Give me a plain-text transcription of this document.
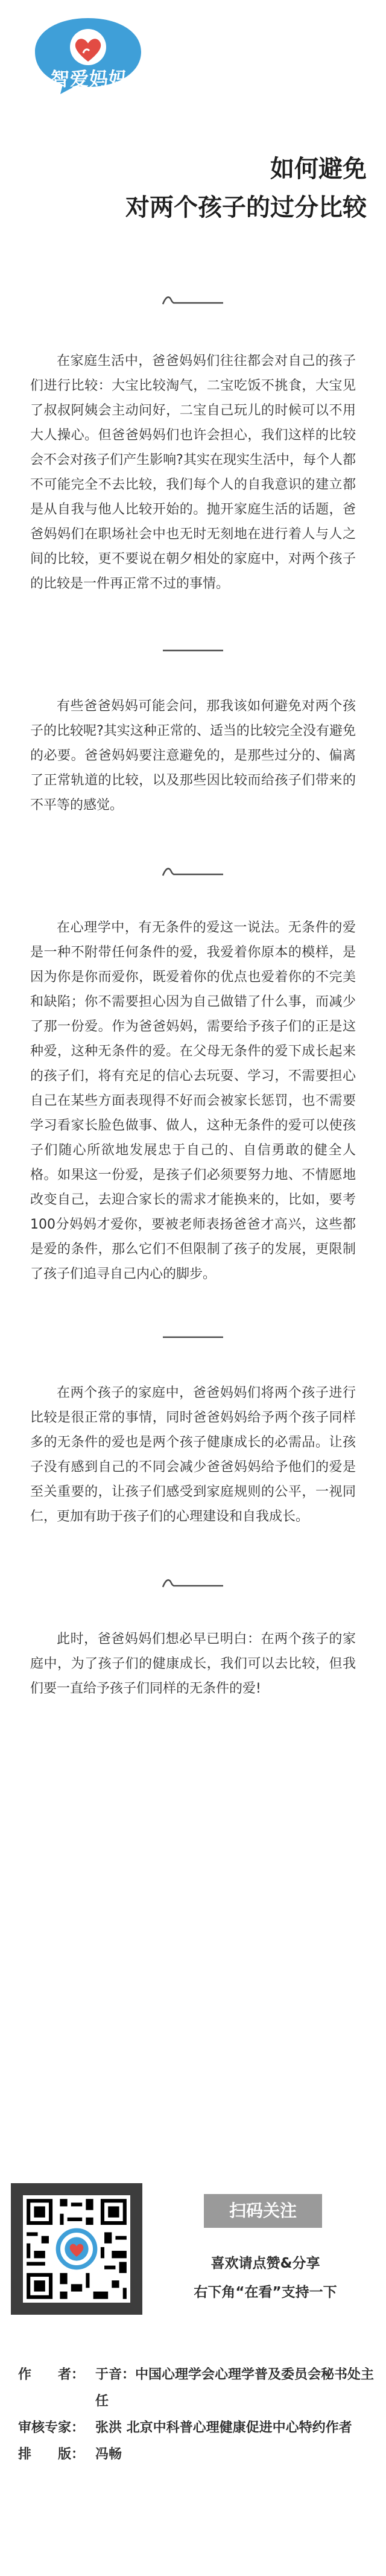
智爱妈妈
如何避免
对两个孩子的过分比较

在家庭生活中，爸爸妈妈们往往都会对自己的孩子们进行比较：大宝比较淘气，二宝吃饭不挑食，大宝见了叔叔阿姨会主动问好，二宝自己玩儿的时候可以不用大人操心。但爸爸妈妈们也许会担心，我们这样的比较会不会对孩子们产生影响?其实在现实生活中，每个人都不可能完全不去比较，我们每个人的自我意识的建立都是从自我与他人比较开始的。抛开家庭生活的话题，爸爸妈妈们在职场社会中也无时无刻地在进行着人与人之间的比较，更不要说在朝夕相处的家庭中，对两个孩子的比较是一件再正常不过的事情。

有些爸爸妈妈可能会问，那我该如何避免对两个孩子的比较呢?其实这种正常的、适当的比较完全没有避免的必要。爸爸妈妈要注意避免的，是那些过分的、偏离了正常轨道的比较，以及那些因比较而给孩子们带来的不平等的感觉。

在心理学中，有无条件的爱这一说法。无条件的爱是一种不附带任何条件的爱，我爱着你原本的模样，是因为你是你而爱你，既爱着你的优点也爱着你的不完美和缺陷；你不需要担心因为自己做错了什么事，而减少了那一份爱。作为爸爸妈妈，需要给予孩子们的正是这种爱，这种无条件的爱。在父母无条件的爱下成长起来的孩子们，将有充足的信心去玩耍、学习，不需要担心自己在某些方面表现得不好而会被家长惩罚，也不需要学习看家长脸色做事、做人，这种无条件的爱可以使孩子们随心所欲地发展忠于自己的、自信勇敢的健全人格。如果这一份爱，是孩子们必须要努力地、不情愿地改变自己，去迎合家长的需求才能换来的，比如，要考100分妈妈才爱你，要被老师表扬爸爸才高兴，这些都是爱的条件，那么它们不但限制了孩子的发展，更限制了孩子们追寻自己内心的脚步。

在两个孩子的家庭中，爸爸妈妈们将两个孩子进行比较是很正常的事情，同时爸爸妈妈给予两个孩子同样多的无条件的爱也是两个孩子健康成长的必需品。让孩子没有感到自己的不同会减少爸爸妈妈给予他们的爱是至关重要的，让孩子们感受到家庭规则的公平，一视同仁，更加有助于孩子们的心理建设和自我成长。

此时，爸爸妈妈们想必早已明白：在两个孩子的家庭中，为了孩子们的健康成长，我们可以去比较，但我们要一直给予孩子们同样的无条件的爱!

扫码关注
喜欢请点赞&分享
右下角“在看”支持一下
作　　者： 于音：中国心理学会心理学普及委员会秘书处主任
审核专家： 张洪 北京中科普心理健康促进中心特约作者
排　　版： 冯畅
